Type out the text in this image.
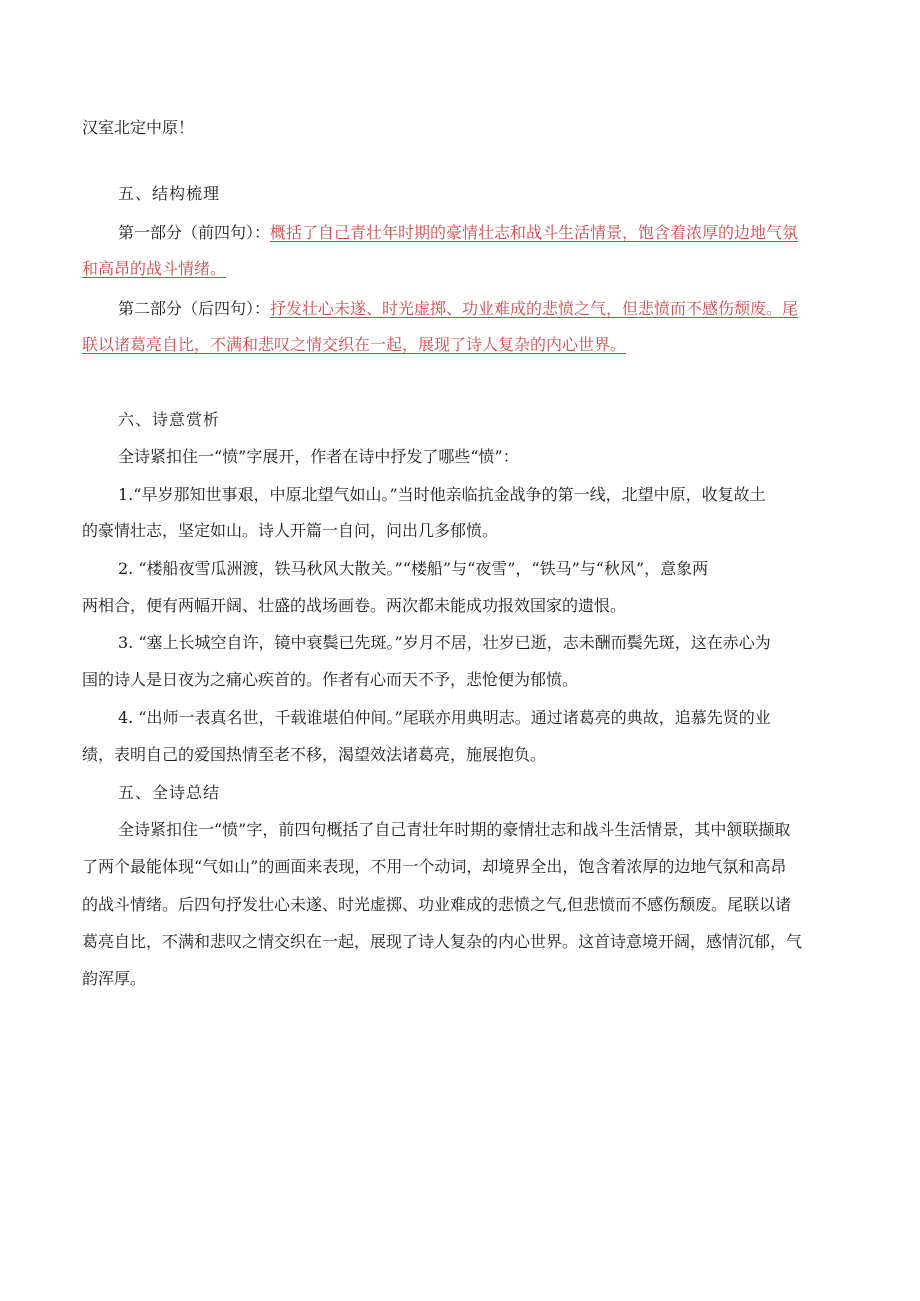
汉室北定中原！
五、结构梳理
第一部分（前四句）：概括了自己青壮年时期的豪情壮志和战斗生活情景，饱含着浓厚的边地气氛
和高昂的战斗情绪。
第二部分（后四句）：抒发壮心未遂、时光虚掷、功业难成的悲愤之气，但悲愤而不感伤颓废。尾
联以诸葛亮自比，不满和悲叹之情交织在一起，展现了诗人复杂的内心世界。
六、诗意赏析
全诗紧扣住一“愤”字展开，作者在诗中抒发了哪些“愤”：
1.“早岁那知世事艰，中原北望气如山。”当时他亲临抗金战争的第一线，北望中原，收复故土
的豪情壮志，坚定如山。诗人开篇一自问，问出几多郁愤。
2. “楼船夜雪瓜洲渡，铁马秋风大散关。”“楼船”与“夜雪”，“铁马”与“秋风”，意象两
两相合，便有两幅开阔、壮盛的战场画卷。两次都未能成功报效国家的遗恨。
3. “塞上长城空自许，镜中衰鬓已先斑。”岁月不居，壮岁已逝，志未酬而鬓先斑，这在赤心为
国的诗人是日夜为之痛心疾首的。作者有心而天不予，悲怆便为郁愤。
4. “出师一表真名世，千载谁堪伯仲间。”尾联亦用典明志。通过诸葛亮的典故，追慕先贤的业
绩，表明自己的爱国热情至老不移，渴望效法诸葛亮，施展抱负。
五、全诗总结
全诗紧扣住一“愤”字，前四句概括了自己青壮年时期的豪情壮志和战斗生活情景，其中颔联撷取
了两个最能体现“气如山”的画面来表现，不用一个动词，却境界全出，饱含着浓厚的边地气氛和高昂
的战斗情绪。后四句抒发壮心未遂、时光虚掷、功业难成的悲愤之气,但悲愤而不感伤颓废。尾联以诸
葛亮自比，不满和悲叹之情交织在一起，展现了诗人复杂的内心世界。这首诗意境开阔，感情沉郁，气
韵浑厚。
